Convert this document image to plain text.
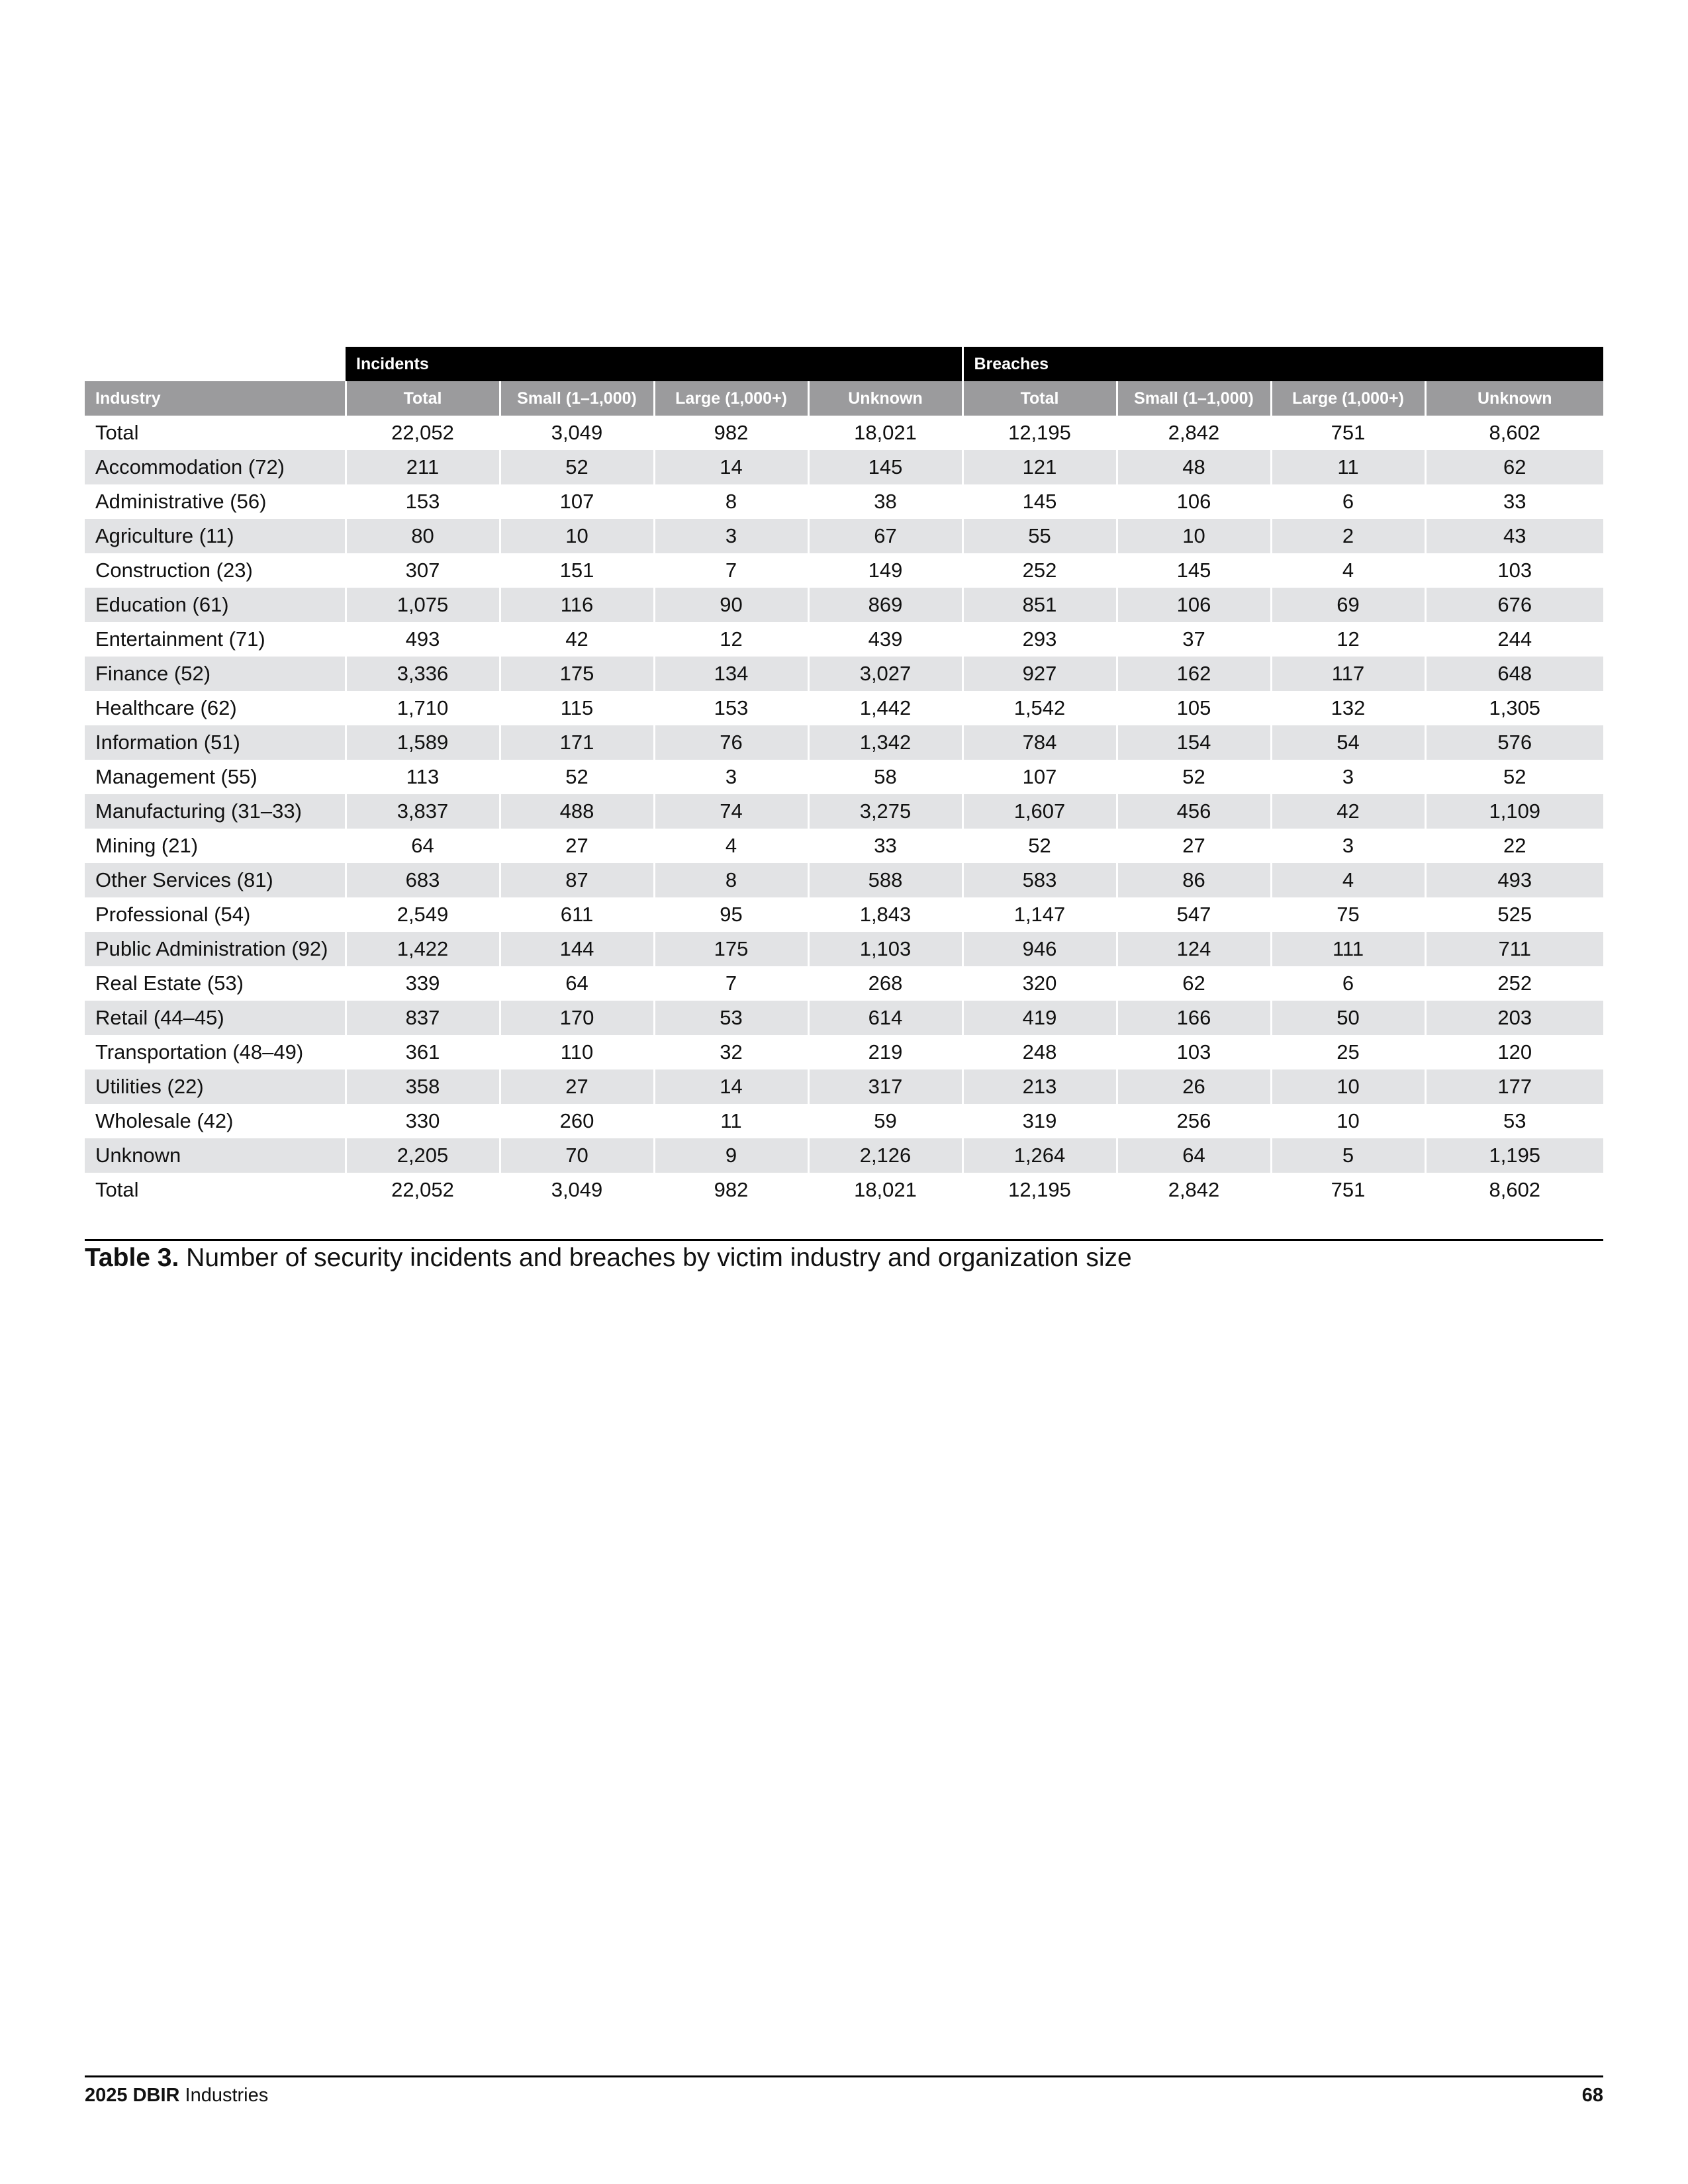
	Incidents				Breaches			
Industry	Total	Small (1–1,000)	Large (1,000+)	Unknown	Total	Small (1–1,000)	Large (1,000+)	Unknown
Total	22,052	3,049	982	18,021	12,195	2,842	751	8,602
Accommodation (72)	211	52	14	145	121	48	11	62
Administrative (56)	153	107	8	38	145	106	6	33
Agriculture (11)	80	10	3	67	55	10	2	43
Construction (23)	307	151	7	149	252	145	4	103
Education (61)	1,075	116	90	869	851	106	69	676
Entertainment (71)	493	42	12	439	293	37	12	244
Finance (52)	3,336	175	134	3,027	927	162	117	648
Healthcare (62)	1,710	115	153	1,442	1,542	105	132	1,305
Information (51)	1,589	171	76	1,342	784	154	54	576
Management (55)	113	52	3	58	107	52	3	52
Manufacturing (31–33)	3,837	488	74	3,275	1,607	456	42	1,109
Mining (21)	64	27	4	33	52	27	3	22
Other Services (81)	683	87	8	588	583	86	4	493
Professional (54)	2,549	611	95	1,843	1,147	547	75	525
Public Administration (92)	1,422	144	175	1,103	946	124	111	711
Real Estate (53)	339	64	7	268	320	62	6	252
Retail (44–45)	837	170	53	614	419	166	50	203
Transportation (48–49)	361	110	32	219	248	103	25	120
Utilities (22)	358	27	14	317	213	26	10	177
Wholesale (42)	330	260	11	59	319	256	10	53
Unknown	2,205	70	9	2,126	1,264	64	5	1,195
Total	22,052	3,049	982	18,021	12,195	2,842	751	8,602
Table 3. Number of security incidents and breaches by victim industry and organization size
2025 DBIR Industries	68
